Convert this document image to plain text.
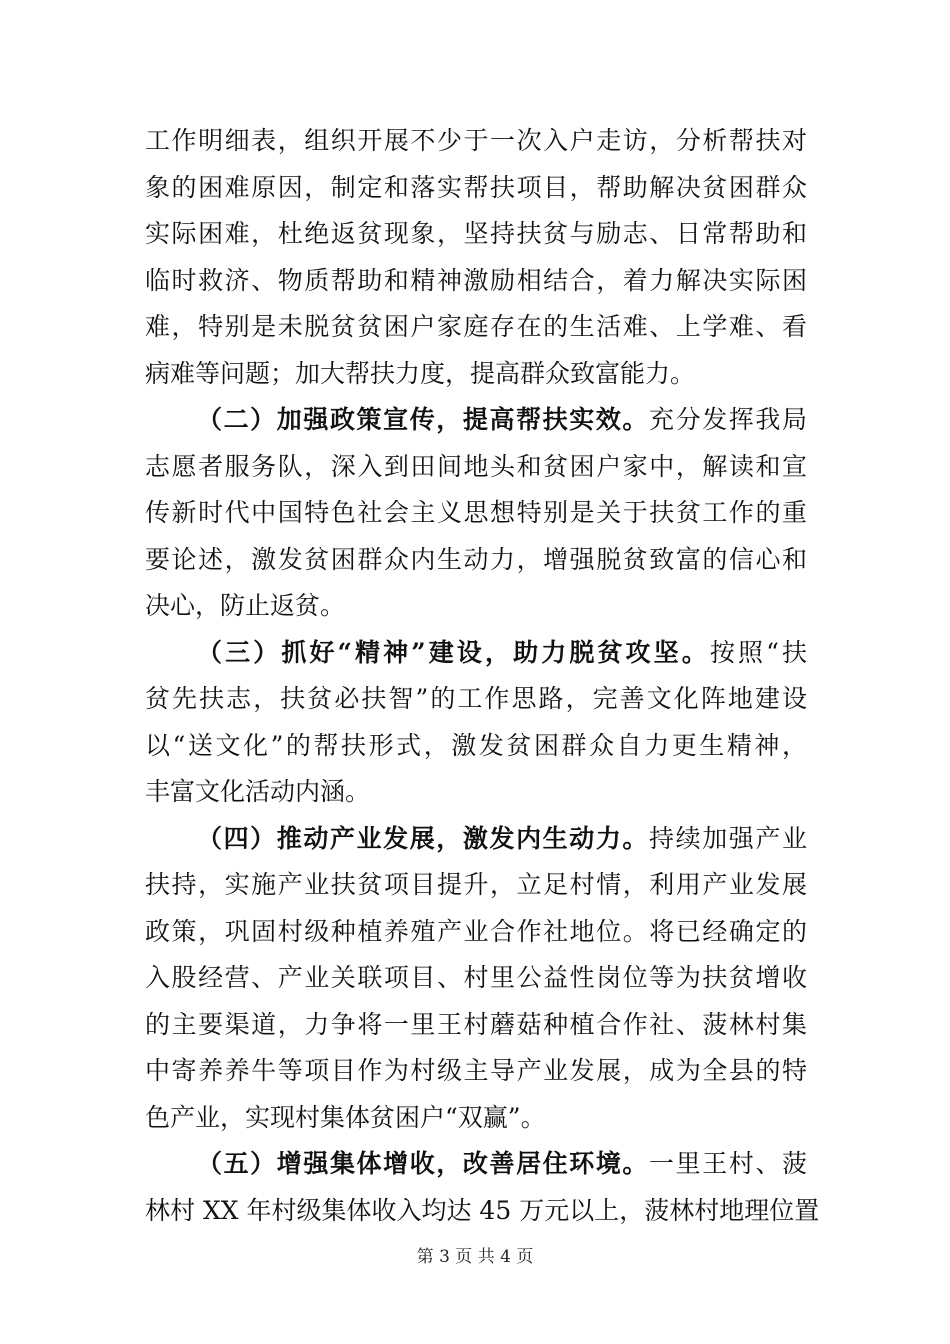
工作明细表，组织开展不少于一次入户走访，分析帮扶对
象的困难原因，制定和落实帮扶项目，帮助解决贫困群众
实际困难，杜绝返贫现象，坚持扶贫与励志、日常帮助和
临时救济、物质帮助和精神激励相结合，着力解决实际困
难，特别是未脱贫贫困户家庭存在的生活难、上学难、看
病难等问题；加大帮扶力度，提高群众致富能力。
（二）加强政策宣传，提高帮扶实效。充分发挥我局
志愿者服务队，深入到田间地头和贫困户家中，解读和宣
传新时代中国特色社会主义思想特别是关于扶贫工作的重
要论述，激发贫困群众内生动力，增强脱贫致富的信心和
决心，防止返贫。
（三）抓好“精神”建设，助力脱贫攻坚。按照“扶
贫先扶志，扶贫必扶智”的工作思路，完善文化阵地建设
以“送文化”的帮扶形式，激发贫困群众自力更生精神，
丰富文化活动内涵。
（四）推动产业发展，激发内生动力。持续加强产业
扶持，实施产业扶贫项目提升，立足村情，利用产业发展
政策，巩固村级种植养殖产业合作社地位。将已经确定的
入股经营、产业关联项目、村里公益性岗位等为扶贫增收
的主要渠道，力争将一里王村蘑菇种植合作社、菠林村集
中寄养养牛等项目作为村级主导产业发展，成为全县的特
色产业，实现村集体贫困户“双赢”。
（五）增强集体增收，改善居住环境。一里王村、菠
林村 XX 年村级集体收入均达 45 万元以上，菠林村地理位置
第 3 页 共 4 页
